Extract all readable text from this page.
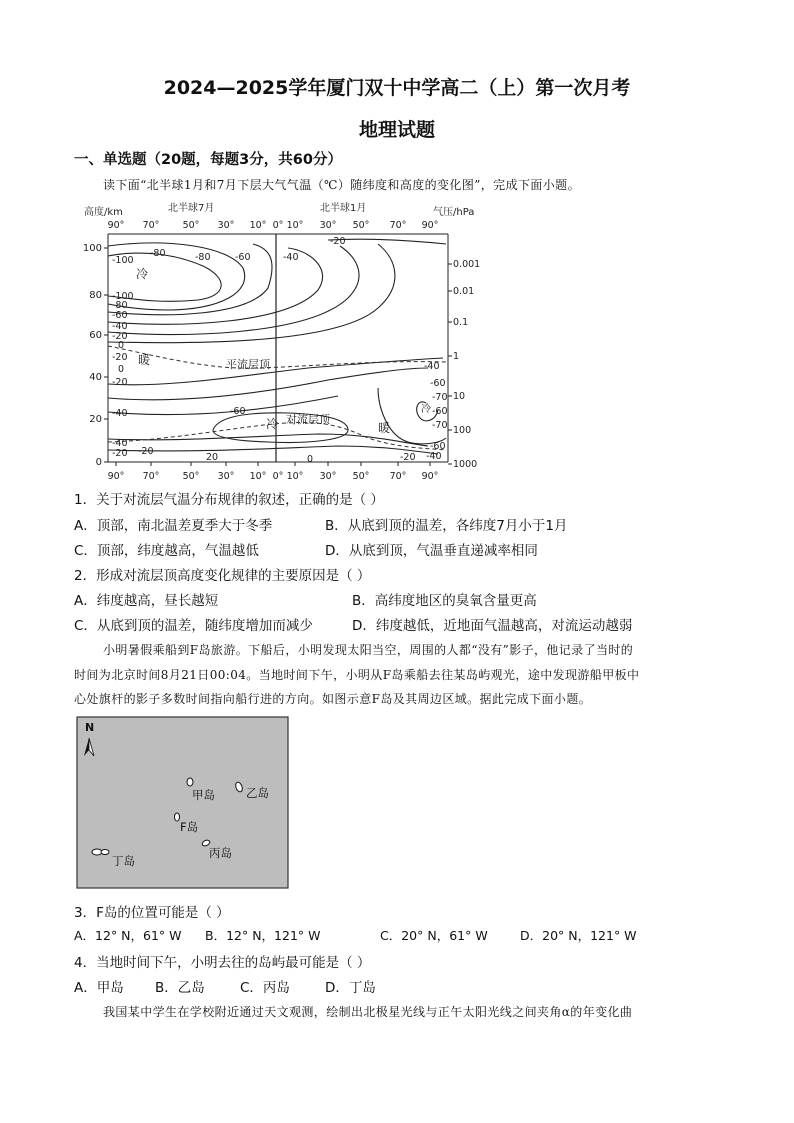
2024—2025学年厦门双十中学高二（上）第一次月考
地理试题
一、单选题（20题，每题3分，共60分）
读下面“北半球1月和7月下层大气气温（℃）随纬度和高度的变化图”，完成下面小题。
高度/km	气压/hPa
北半球7月	北半球1月
90° 70° 50° 30° 10° 0° 10° 30° 50° 70° 90°
100
80
60
40
20
0
0.001
0.01
0.1
1
10
100
1000
冷
暖	平流层顶
冷 对流层顶
暖
冷
-100
-80
-100
-80
-60
-40
-20
0
-20
0
-20
-40
-40
-20 -20
-80	-60	-40
-20
-60
20	0	-20
-40
-60
-70
-60
-70
-60
-40
90° 70° 50° 30° 10° 0° 10° 30° 50° 70° 90°
1．关于对流层气温分布规律的叙述，正确的是（ ）
A．顶部，南北温差夏季大于冬季	B．从底到顶的温差，各纬度7月小于1月
C．顶部，纬度越高，气温越低	D．从底到顶，气温垂直递减率相同
2．形成对流层顶高度变化规律的主要原因是（ ）
A．纬度越高，昼长越短	B．高纬度地区的臭氧含量更高
C．从底到顶的温差，随纬度增加而减少	D．纬度越低，近地面气温越高，对流运动越弱
小明暑假乘船到F岛旅游。下船后，小明发现太阳当空，周围的人都“没有”影子，他记录了当时的
时间为北京时间8月21日00:04。当地时间下午，小明从F岛乘船去往某岛屿观光，途中发现游船甲板中
心处旗杆的影子多数时间指向船行进的方向。如图示意F岛及其周边区域。据此完成下面小题。
N
甲岛	乙岛
F岛
丙岛
丁岛
3．F岛的位置可能是（ ）
A．12° N，61° W B．12° N，121° W	C．20° N，61° W	D．20° N，121° W
4．当地时间下午，小明去往的岛屿最可能是（ ）
A．甲岛 B．乙岛	C．丙岛	D．丁岛
我国某中学生在学校附近通过天文观测，绘制出北极星光线与正午太阳光线之间夹角α的年变化曲
